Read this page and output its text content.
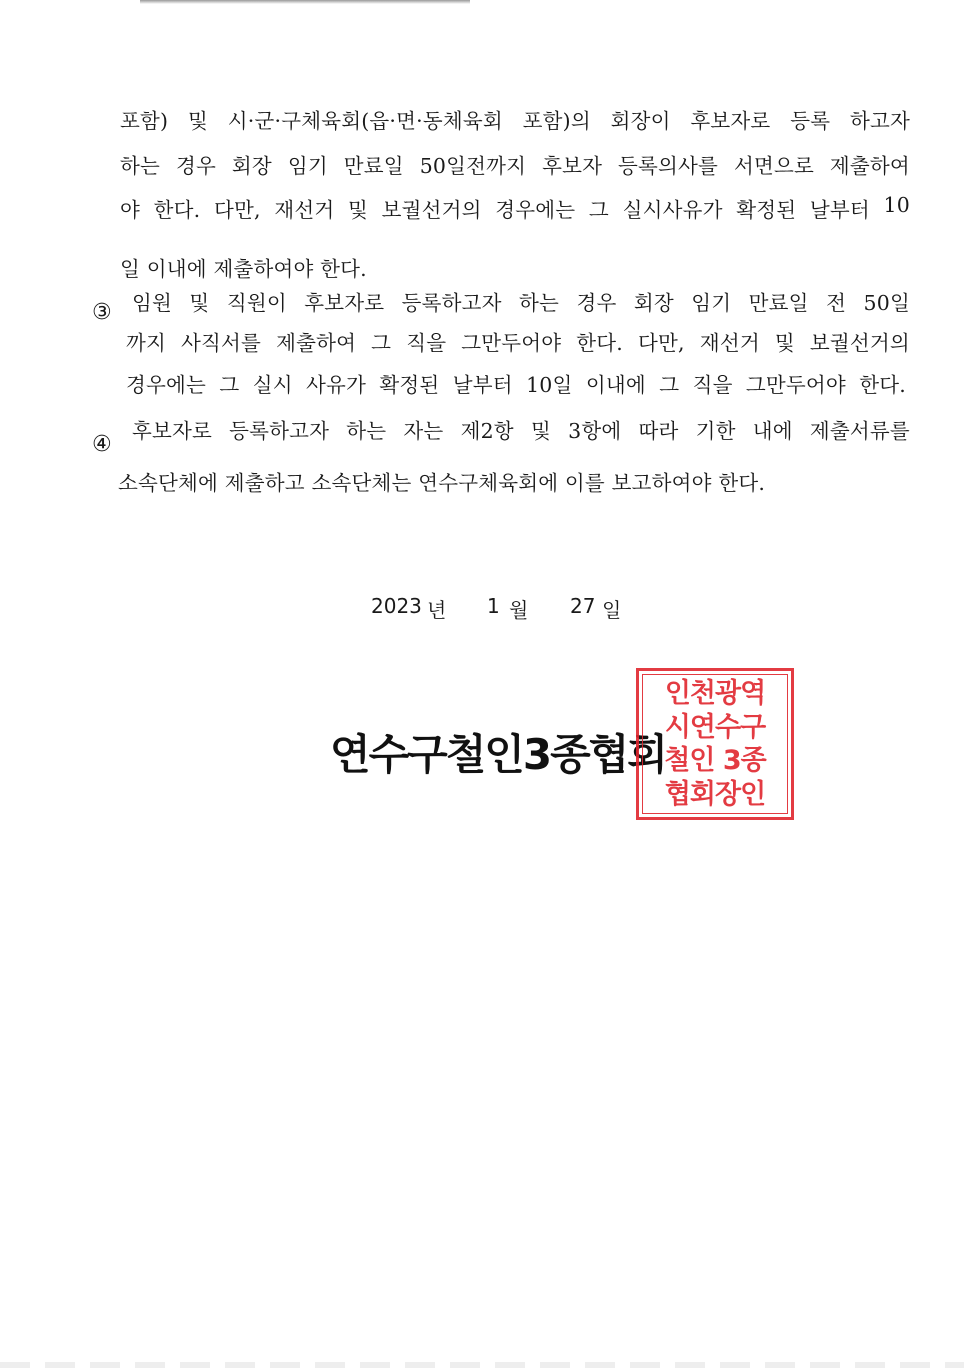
포함) 및 시·군·구체육회(읍·면·동체육회 포함)의 회장이 후보자로 등록 하고자
하는 경우 회장 임기 만료일 50일전까지 후보자 등록의사를 서면으로 제출하여
야 한다. 다만, 재선거 및 보궐선거의 경우에는 그 실시사유가 확정된 날부터 10
일 이내에 제출하여야 한다.
③ 임원 및 직원이 후보자로 등록하고자 하는 경우 회장 임기 만료일 전 50일
까지 사직서를 제출하여 그 직을 그만두어야 한다. 다만, 재선거 및 보궐선거의
경우에는 그 실시 사유가 확정된 날부터 10일 이내에 그 직을 그만두어야 한다.
④
후보자로 등록하고자 하는 자는 제2항 및 3항에 따라 기한 내에 제출서류를
소속단체에 제출하고 소속단체는 연수구체육회에 이를 보고하여야 한다.
2023 년 1 월 27 일
연수구철인3종협회
인천광역
시연수구
철인 3종
협회장인
